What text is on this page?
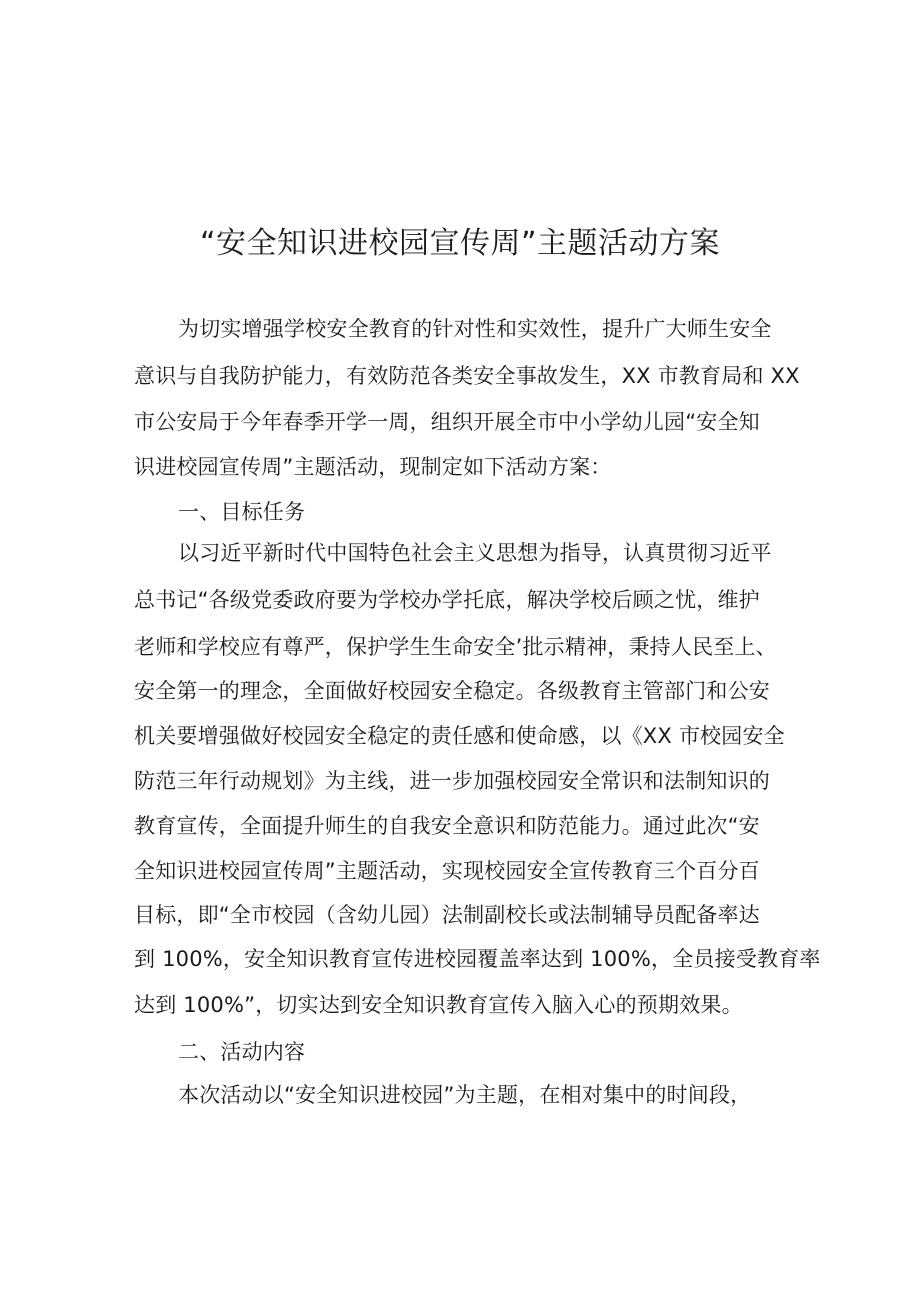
“安全知识进校园宣传周”主题活动方案
为切实增强学校安全教育的针对性和实效性，提升广大师生安全
意识与自我防护能力，有效防范各类安全事故发生，XX 市教育局和 XX
市公安局于今年春季开学一周，组织开展全市中小学幼儿园“安全知
识进校园宣传周”主题活动，现制定如下活动方案：
一、目标任务
以习近平新时代中国特色社会主义思想为指导，认真贯彻习近平
总书记“各级党委政府要为学校办学托底，解决学校后顾之忧，维护
老师和学校应有尊严，保护学生生命安全’批示精神，秉持人民至上、
安全第一的理念，全面做好校园安全稳定。各级教育主管部门和公安
机关要增强做好校园安全稳定的责任感和使命感，以《XX 市校园安全
防范三年行动规划》为主线，进一步加强校园安全常识和法制知识的
教育宣传，全面提升师生的自我安全意识和防范能力。通过此次“安
全知识进校园宣传周”主题活动，实现校园安全宣传教育三个百分百
目标，即“全市校园（含幼儿园）法制副校长或法制辅导员配备率达
到 100%，安全知识教育宣传进校园覆盖率达到 100%，全员接受教育率
达到 100%”，切实达到安全知识教育宣传入脑入心的预期效果。
二、活动内容
本次活动以“安全知识进校园”为主题，在相对集中的时间段，
